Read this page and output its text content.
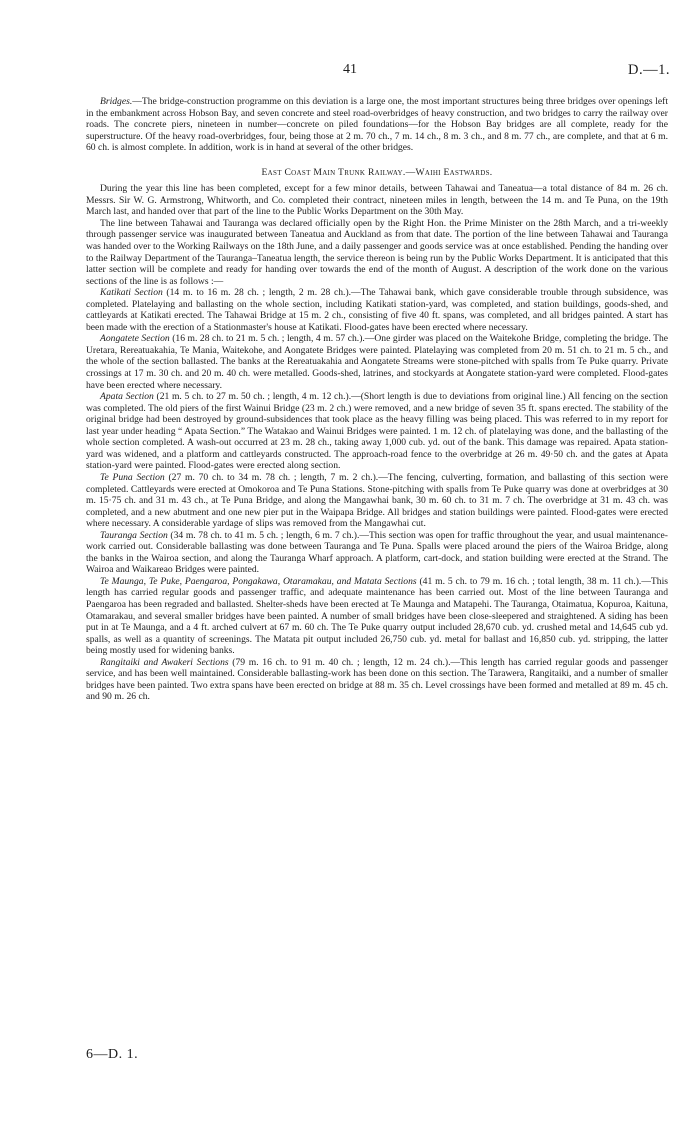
41	D.—1.

Bridges.—The bridge-construction programme on this deviation is a large one, the most important structures being three bridges over openings left in the embankment across Hobson Bay, and seven concrete and steel road-overbridges of heavy construction, and two bridges to carry the railway over roads. The concrete piers, nineteen in number—concrete on piled foundations—for the Hobson Bay bridges are all complete, ready for the superstructure. Of the heavy road-overbridges, four, being those at 2 m. 70 ch., 7 m. 14 ch., 8 m. 3 ch., and 8 m. 77 ch., are complete, and that at 6 m. 60 ch. is almost complete. In addition, work is in hand at several of the other bridges.

East Coast Main Trunk Railway.—Waihi Eastwards.

During the year this line has been completed, except for a few minor details, between Tahawai and Taneatua—a total distance of 84 m. 26 ch. Messrs. Sir W. G. Armstrong, Whitworth, and Co. completed their contract, nineteen miles in length, between the 14 m. and Te Puna, on the 19th March last, and handed over that part of the line to the Public Works Department on the 30th May.

The line between Tahawai and Tauranga was declared officially open by the Right Hon. the Prime Minister on the 28th March, and a tri-weekly through passenger service was inaugurated between Taneatua and Auckland as from that date. The portion of the line between Tahawai and Tauranga was handed over to the Working Railways on the 18th June, and a daily passenger and goods service was at once established. Pending the handing over to the Railway Department of the Tauranga–Taneatua length, the service thereon is being run by the Public Works Department. It is anticipated that this latter section will be complete and ready for handing over towards the end of the month of August. A description of the work done on the various sections of the line is as follows :—

Katikati Section (14 m. to 16 m. 28 ch. ; length, 2 m. 28 ch.).—The Tahawai bank, which gave considerable trouble through subsidence, was completed. Platelaying and ballasting on the whole section, including Katikati station-yard, was completed, and station buildings, goods-shed, and cattleyards at Katikati erected. The Tahawai Bridge at 15 m. 2 ch., consisting of five 40 ft. spans, was completed, and all bridges painted. A start has been made with the erection of a Stationmaster's house at Katikati. Flood-gates have been erected where necessary.

Aongatete Section (16 m. 28 ch. to 21 m. 5 ch. ; length, 4 m. 57 ch.).—One girder was placed on the Waitekohe Bridge, completing the bridge. The Uretara, Rereatuakahia, Te Mania, Waitekohe, and Aongatete Bridges were painted. Platelaying was completed from 20 m. 51 ch. to 21 m. 5 ch., and the whole of the section ballasted. The banks at the Rereatuakahia and Aongatete Streams were stone-pitched with spalls from Te Puke quarry. Private crossings at 17 m. 30 ch. and 20 m. 40 ch. were metalled. Goods-shed, latrines, and stockyards at Aongatete station-yard were completed. Flood-gates have been erected where necessary.

Apata Section (21 m. 5 ch. to 27 m. 50 ch. ; length, 4 m. 12 ch.).—(Short length is due to deviations from original line.) All fencing on the section was completed. The old piers of the first Wainui Bridge (23 m. 2 ch.) were removed, and a new bridge of seven 35 ft. spans erected. The stability of the original bridge had been destroyed by ground-subsidences that took place as the heavy filling was being placed. This was referred to in my report for last year under heading “ Apata Section.” The Watakao and Wainui Bridges were painted. 1 m. 12 ch. of platelaying was done, and the ballasting of the whole section completed. A wash-out occurred at 23 m. 28 ch., taking away 1,000 cub. yd. out of the bank. This damage was repaired. Apata station-yard was widened, and a platform and cattleyards constructed. The approach-road fence to the overbridge at 26 m. 49·50 ch. and the gates at Apata station-yard were painted. Flood-gates were erected along section.

Te Puna Section (27 m. 70 ch. to 34 m. 78 ch. ; length, 7 m. 2 ch.).—The fencing, culverting, formation, and ballasting of this section were completed. Cattleyards were erected at Omokoroa and Te Puna Stations. Stone-pitching with spalls from Te Puke quarry was done at overbridges at 30 m. 15·75 ch. and 31 m. 43 ch., at Te Puna Bridge, and along the Mangawhai bank, 30 m. 60 ch. to 31 m. 7 ch. The overbridge at 31 m. 43 ch. was completed, and a new abutment and one new pier put in the Waipapa Bridge. All bridges and station buildings were painted. Flood-gates were erected where necessary. A considerable yardage of slips was removed from the Mangawhai cut.

Tauranga Section (34 m. 78 ch. to 41 m. 5 ch. ; length, 6 m. 7 ch.).—This section was open for traffic throughout the year, and usual maintenance-work carried out. Considerable ballasting was done between Tauranga and Te Puna. Spalls were placed around the piers of the Wairoa Bridge, along the banks in the Wairoa section, and along the Tauranga Wharf approach. A platform, cart-dock, and station building were erected at the Strand. The Wairoa and Waikareao Bridges were painted.

Te Maunga, Te Puke, Paengaroa, Pongakawa, Otaramakau, and Matata Sections (41 m. 5 ch. to 79 m. 16 ch. ; total length, 38 m. 11 ch.).—This length has carried regular goods and passenger traffic, and adequate maintenance has been carried out. Most of the line between Tauranga and Paengaroa has been regraded and ballasted. Shelter-sheds have been erected at Te Maunga and Matapehi. The Tauranga, Otaimatua, Kopuroa, Kaituna, Otamarakau, and several smaller bridges have been painted. A number of small bridges have been close-sleepered and straightened. A siding has been put in at Te Maunga, and a 4 ft. arched culvert at 67 m. 60 ch. The Te Puke quarry output included 28,670 cub. yd. crushed metal and 14,645 cub yd. spalls, as well as a quantity of screenings. The Matata pit output included 26,750 cub. yd. metal for ballast and 16,850 cub. yd. stripping, the latter being mostly used for widening banks.

Rangitaiki and Awakeri Sections (79 m. 16 ch. to 91 m. 40 ch. ; length, 12 m. 24 ch.).—This length has carried regular goods and passenger service, and has been well maintained. Considerable ballasting-work has been done on this section. The Tarawera, Rangitaiki, and a number of smaller bridges have been painted. Two extra spans have been erected on bridge at 88 m. 35 ch. Level crossings have been formed and metalled at 89 m. 45 ch. and 90 m. 26 ch.

6—D. 1.
